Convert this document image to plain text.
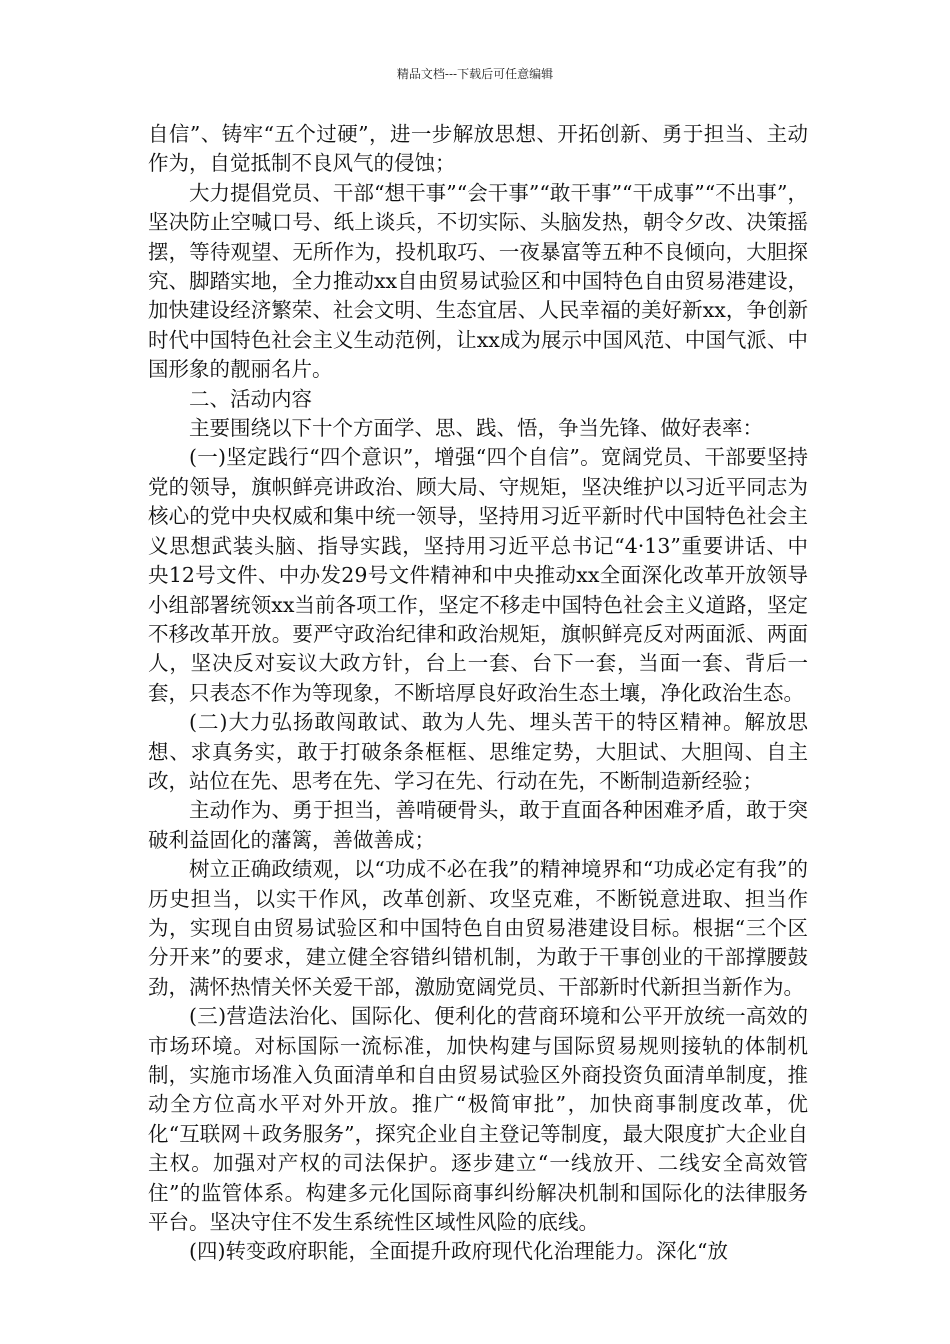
精品文档---下载后可任意编辑

自信”、铸牢“五个过硬”，进一步解放思想、开拓创新、勇于担当、主动作为，自觉抵制不良风气的侵蚀；

大力提倡党员、干部“想干事”“会干事”“敢干事”“干成事”“不出事”，坚决防止空喊口号、纸上谈兵，不切实际、头脑发热，朝令夕改、决策摇摆，等待观望、无所作为，投机取巧、一夜暴富等五种不良倾向，大胆探究、脚踏实地，全力推动xx自由贸易试验区和中国特色自由贸易港建设，加快建设经济繁荣、社会文明、生态宜居、人民幸福的美好新xx，争创新时代中国特色社会主义生动范例，让xx成为展示中国风范、中国气派、中国形象的靓丽名片。

二、活动内容

主要围绕以下十个方面学、思、践、悟，争当先锋、做好表率：

(一)坚定践行“四个意识”，增强“四个自信”。宽阔党员、干部要坚持党的领导，旗帜鲜亮讲政治、顾大局、守规矩，坚决维护以习近平同志为核心的党中央权威和集中统一领导，坚持用习近平新时代中国特色社会主义思想武装头脑、指导实践，坚持用习近平总书记“4·13”重要讲话、中央12号文件、中办发29号文件精神和中央推动xx全面深化改革开放领导小组部署统领xx当前各项工作，坚定不移走中国特色社会主义道路，坚定不移改革开放。要严守政治纪律和政治规矩，旗帜鲜亮反对两面派、两面人，坚决反对妄议大政方针，台上一套、台下一套，当面一套、背后一套，只表态不作为等现象，不断培厚良好政治生态土壤，净化政治生态。

(二)大力弘扬敢闯敢试、敢为人先、埋头苦干的特区精神。解放思想、求真务实，敢于打破条条框框、思维定势，大胆试、大胆闯、自主改，站位在先、思考在先、学习在先、行动在先，不断制造新经验；

主动作为、勇于担当，善啃硬骨头，敢于直面各种困难矛盾，敢于突破利益固化的藩篱，善做善成；

树立正确政绩观，以“功成不必在我”的精神境界和“功成必定有我”的历史担当，以实干作风，改革创新、攻坚克难，不断锐意进取、担当作为，实现自由贸易试验区和中国特色自由贸易港建设目标。根据“三个区分开来”的要求，建立健全容错纠错机制，为敢于干事创业的干部撑腰鼓劲，满怀热情关怀关爱干部，激励宽阔党员、干部新时代新担当新作为。

(三)营造法治化、国际化、便利化的营商环境和公平开放统一高效的市场环境。对标国际一流标准，加快构建与国际贸易规则接轨的体制机制，实施市场准入负面清单和自由贸易试验区外商投资负面清单制度，推动全方位高水平对外开放。推广“极简审批”，加快商事制度改革，优化“互联网＋政务服务”，探究企业自主登记等制度，最大限度扩大企业自主权。加强对产权的司法保护。逐步建立“一线放开、二线安全高效管住”的监管体系。构建多元化国际商事纠纷解决机制和国际化的法律服务平台。坚决守住不发生系统性区域性风险的底线。

(四)转变政府职能，全面提升政府现代化治理能力。深化“放
